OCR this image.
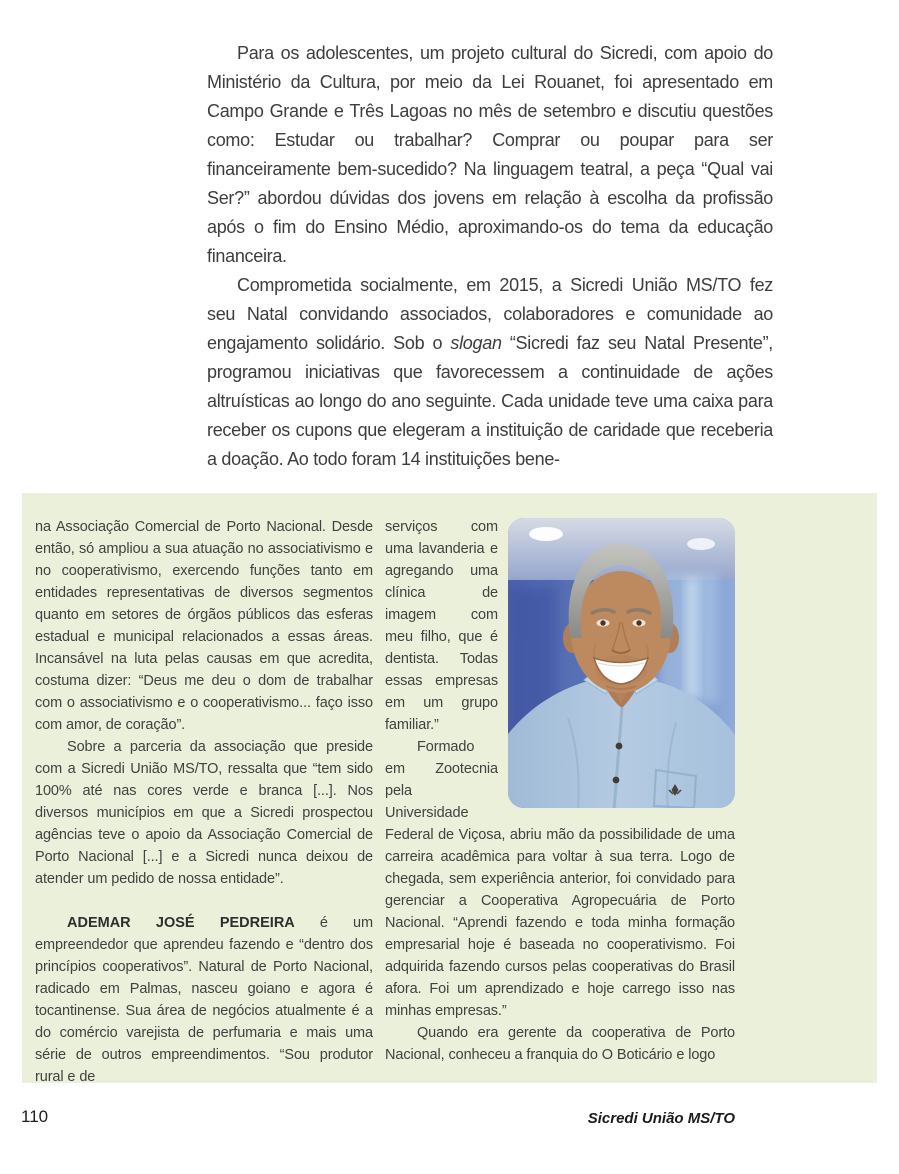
Para os adolescentes, um projeto cultural do Sicredi, com apoio do Ministério da Cultura, por meio da Lei Rouanet, foi apresentado em Campo Grande e Três Lagoas no mês de setembro e discutiu questões como: Estudar ou trabalhar? Comprar ou poupar para ser financeiramente bem-sucedido? Na linguagem teatral, a peça “Qual vai Ser?” abordou dúvidas dos jovens em relação à escolha da profissão após o fim do Ensino Médio, aproximando-os do tema da educação financeira.

Comprometida socialmente, em 2015, a Sicredi União MS/TO fez seu Natal convidando associados, colaboradores e comunidade ao engajamento solidário. Sob o slogan “Sicredi faz seu Natal Presente”, programou iniciativas que favorecessem a continuidade de ações altruísticas ao longo do ano seguinte. Cada unidade teve uma caixa para receber os cupons que elegeram a instituição de caridade que receberia a doação. Ao todo foram 14 instituições bene-

na Associação Comercial de Porto Nacional. Desde então, só ampliou a sua atuação no associativismo e no cooperativismo, exercendo funções tanto em entidades representativas de diversos segmentos quanto em setores de órgãos públicos das esferas estadual e municipal relacionados a essas áreas. Incansável na luta pelas causas em que acredita, costuma dizer: “Deus me deu o dom de trabalhar com o associativismo e o cooperativismo... faço isso com amor, de coração”.

Sobre a parceria da associação que preside com a Sicredi União MS/TO, ressalta que “tem sido 100% até nas cores verde e branca [...]. Nos diversos municípios em que a Sicredi prospectou agências teve o apoio da Associação Comercial de Porto Nacional [...] e a Sicredi nunca deixou de atender um pedido de nossa entidade”.

ADEMAR JOSÉ PEDREIRA é um empreendedor que aprendeu fazendo e “dentro dos princípios cooperativos”. Natural de Porto Nacional, radicado em Palmas, nasceu goiano e agora é tocantinense. Sua área de negócios atualmente é a do comércio varejista de perfumaria e mais uma série de outros empreendimentos. “Sou produtor rural e de

serviços com uma lavanderia e agregando uma clínica de imagem com meu filho, que é dentista. Todas essas empresas em um grupo familiar.”

Formado em Zootecnia pela Universidade Federal de Viçosa, abriu mão da possibilidade de uma carreira acadêmica para voltar à sua terra. Logo de chegada, sem experiência anterior, foi convidado para gerenciar a Cooperativa Agropecuária de Porto Nacional. “Aprendi fazendo e toda minha formação empresarial hoje é baseada no cooperativismo. Foi adquirida fazendo cursos pelas cooperativas do Brasil afora. Foi um aprendizado e hoje carrego isso nas minhas empresas.”

Quando era gerente da cooperativa de Porto Nacional, conheceu a franquia do O Boticário e logo

110	Sicredi União MS/TO
